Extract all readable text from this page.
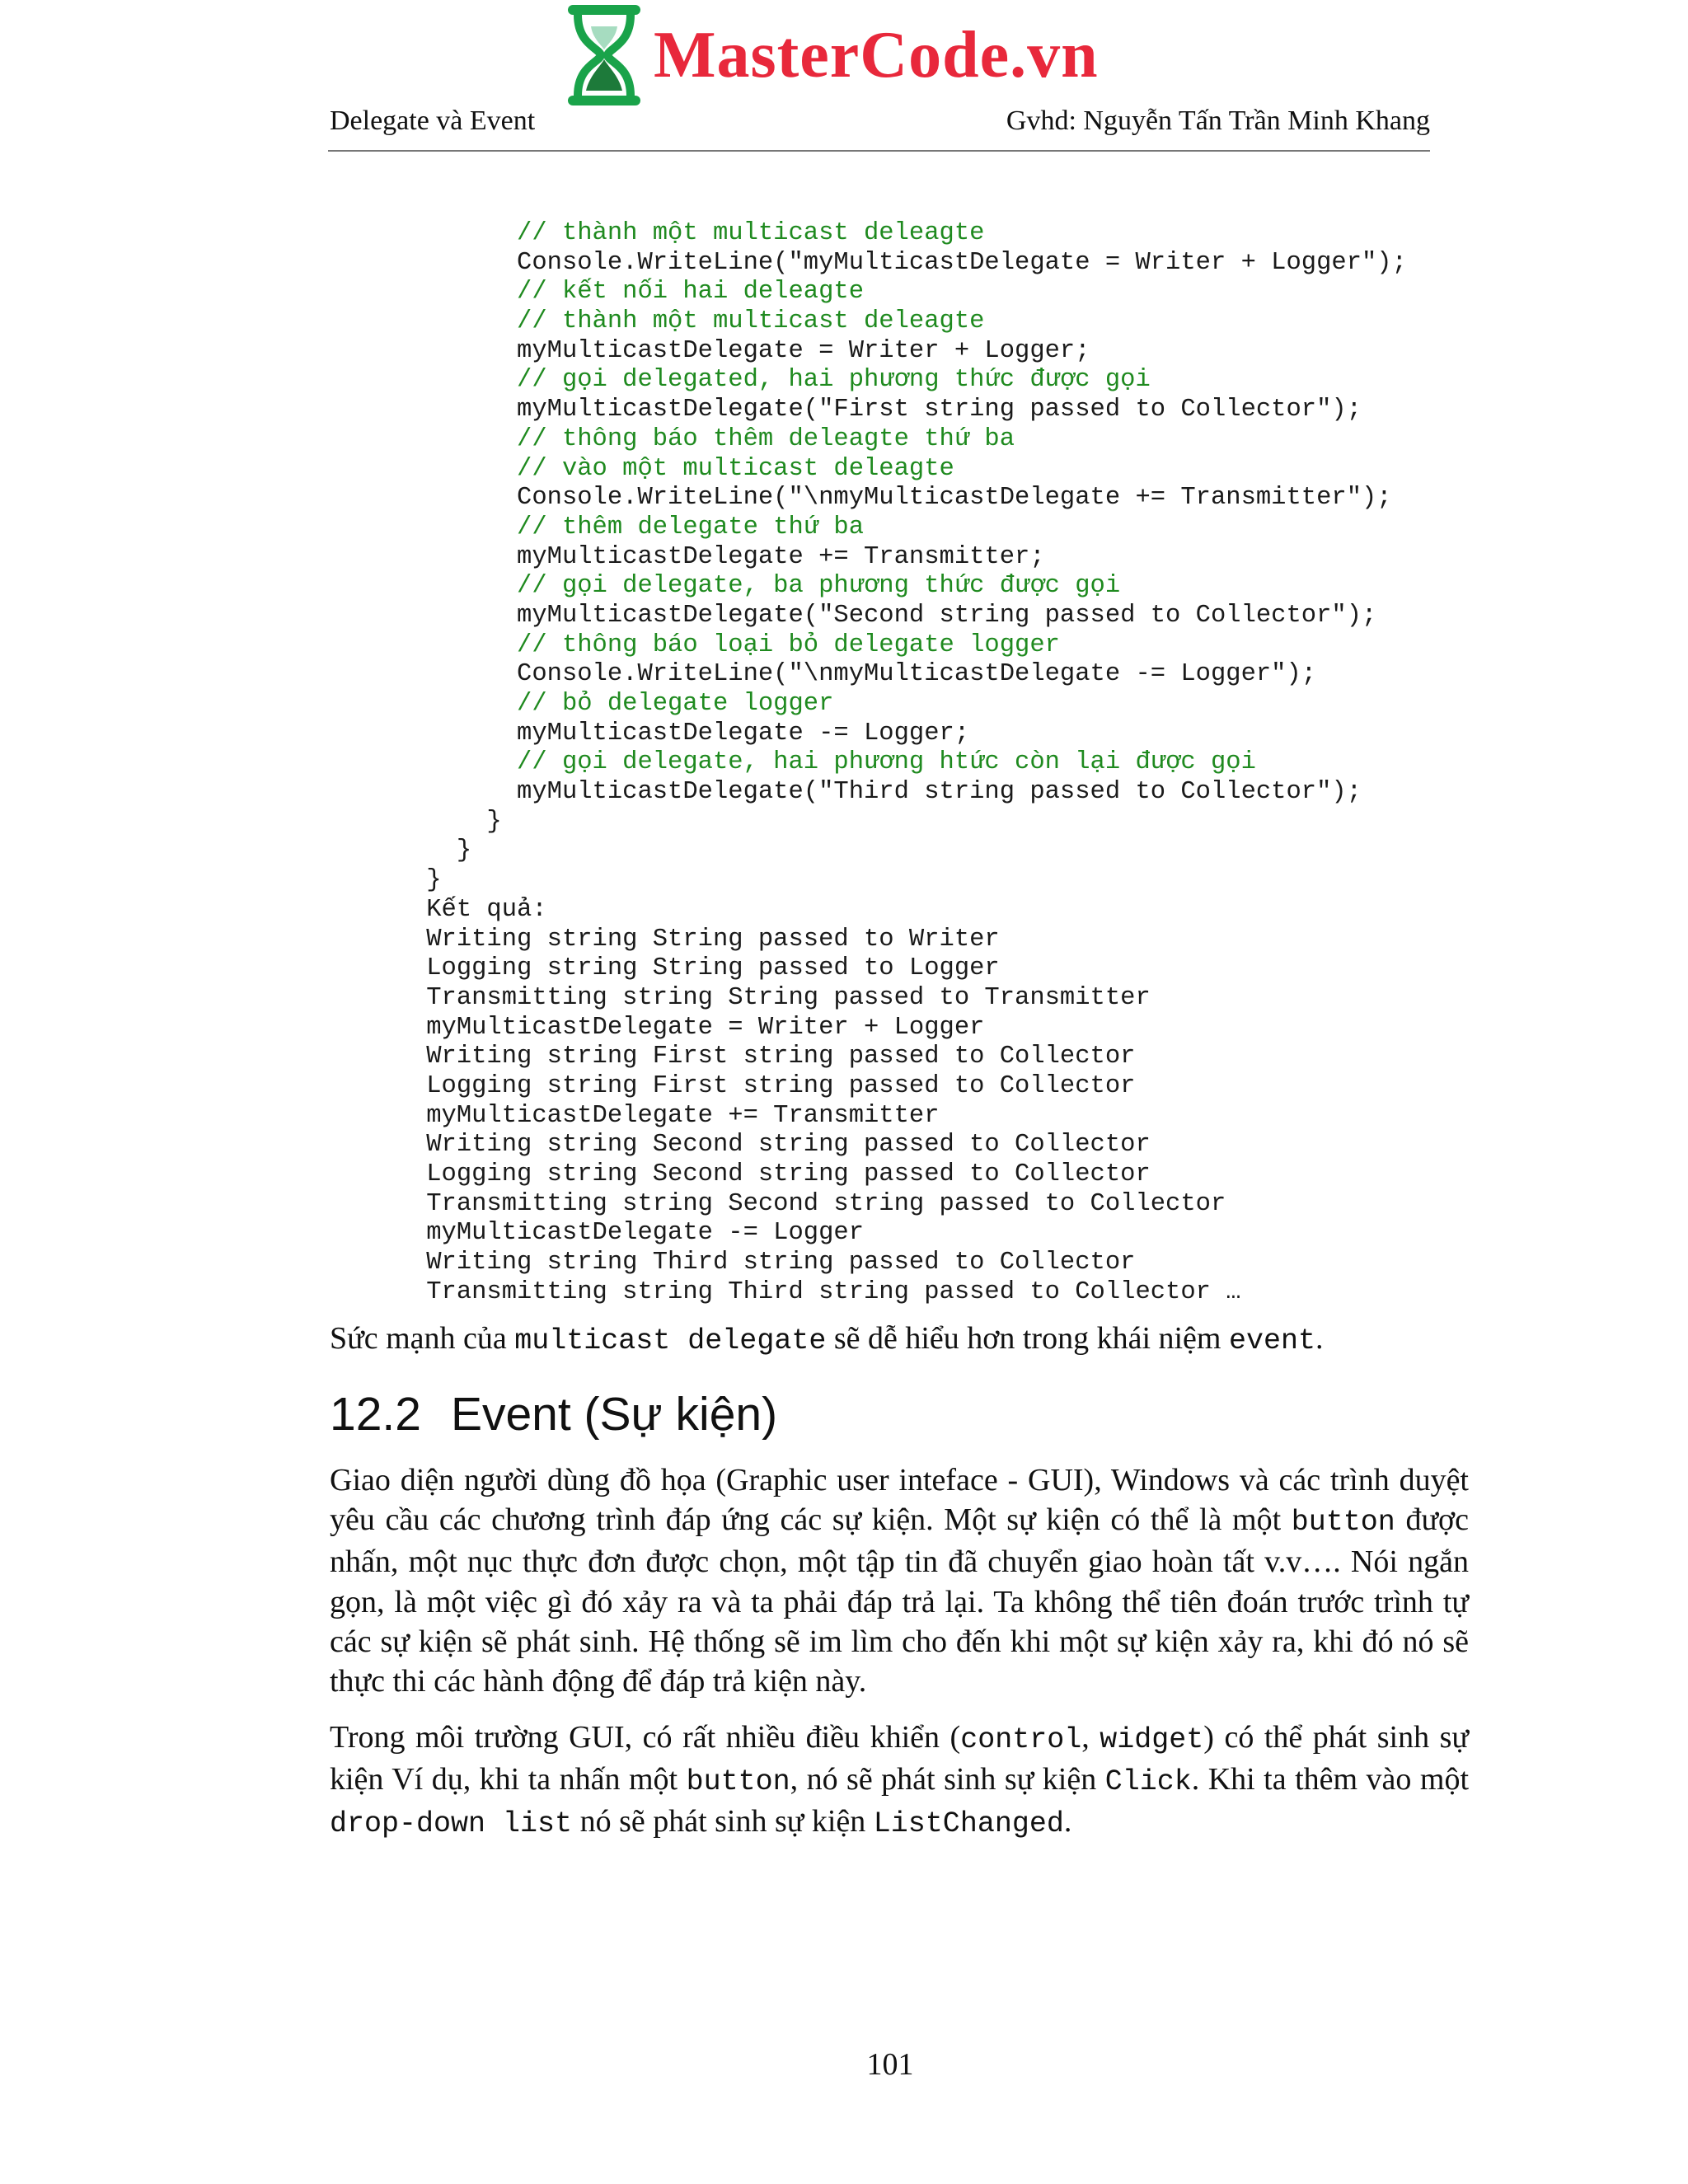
MasterCode.vn
Delegate và Event	Gvhd: Nguyễn Tấn Trần Minh Khang
// thành một multicast deleagte
Console.WriteLine("myMulticastDelegate = Writer + Logger");
// kết nối hai deleagte
// thành một multicast deleagte
myMulticastDelegate = Writer + Logger;
// gọi delegated, hai phương thức được gọi
myMulticastDelegate("First string passed to Collector");
// thông báo thêm deleagte thứ ba
// vào một multicast deleagte
Console.WriteLine("\nmyMulticastDelegate += Transmitter");
// thêm delegate thứ ba
myMulticastDelegate += Transmitter;
// gọi delegate, ba phương thức được gọi
myMulticastDelegate("Second string passed to Collector");
// thông báo loại bỏ delegate logger
Console.WriteLine("\nmyMulticastDelegate -= Logger");
// bỏ delegate logger
myMulticastDelegate -= Logger;
// gọi delegate, hai phương htức còn lại được gọi
myMulticastDelegate("Third string passed to Collector");
}
}
}
Kết quả:
Writing string String passed to Writer
Logging string String passed to Logger
Transmitting string String passed to Transmitter
myMulticastDelegate = Writer + Logger
Writing string First string passed to Collector
Logging string First string passed to Collector
myMulticastDelegate += Transmitter
Writing string Second string passed to Collector
Logging string Second string passed to Collector
Transmitting string Second string passed to Collector
myMulticastDelegate -= Logger
Writing string Third string passed to Collector
Transmitting string Third string passed to Collector …

Sức mạnh của multicast delegate sẽ dễ hiểu hơn trong khái niệm event.

12.2 Event (Sự kiện)

Giao diện người dùng đồ họa (Graphic user inteface - GUI), Windows và các trình duyệt yêu cầu các chương trình đáp ứng các sự kiện. Một sự kiện có thể là một button được nhấn, một nục thực đơn được chọn, một tập tin đã chuyển giao hoàn tất v.v…. Nói ngắn gọn, là một việc gì đó xảy ra và ta phải đáp trả lại. Ta không thể tiên đoán trước trình tự các sự kiện sẽ phát sinh. Hệ thống sẽ im lìm cho đến khi một sự kiện xảy ra, khi đó nó sẽ thực thi các hành động để đáp trả kiện này.

Trong môi trường GUI, có rất nhiều điều khiển (control, widget) có thể phát sinh sự kiện Ví dụ, khi ta nhấn một button, nó sẽ phát sinh sự kiện Click. Khi ta thêm vào một drop-down list nó sẽ phát sinh sự kiện ListChanged.

101
